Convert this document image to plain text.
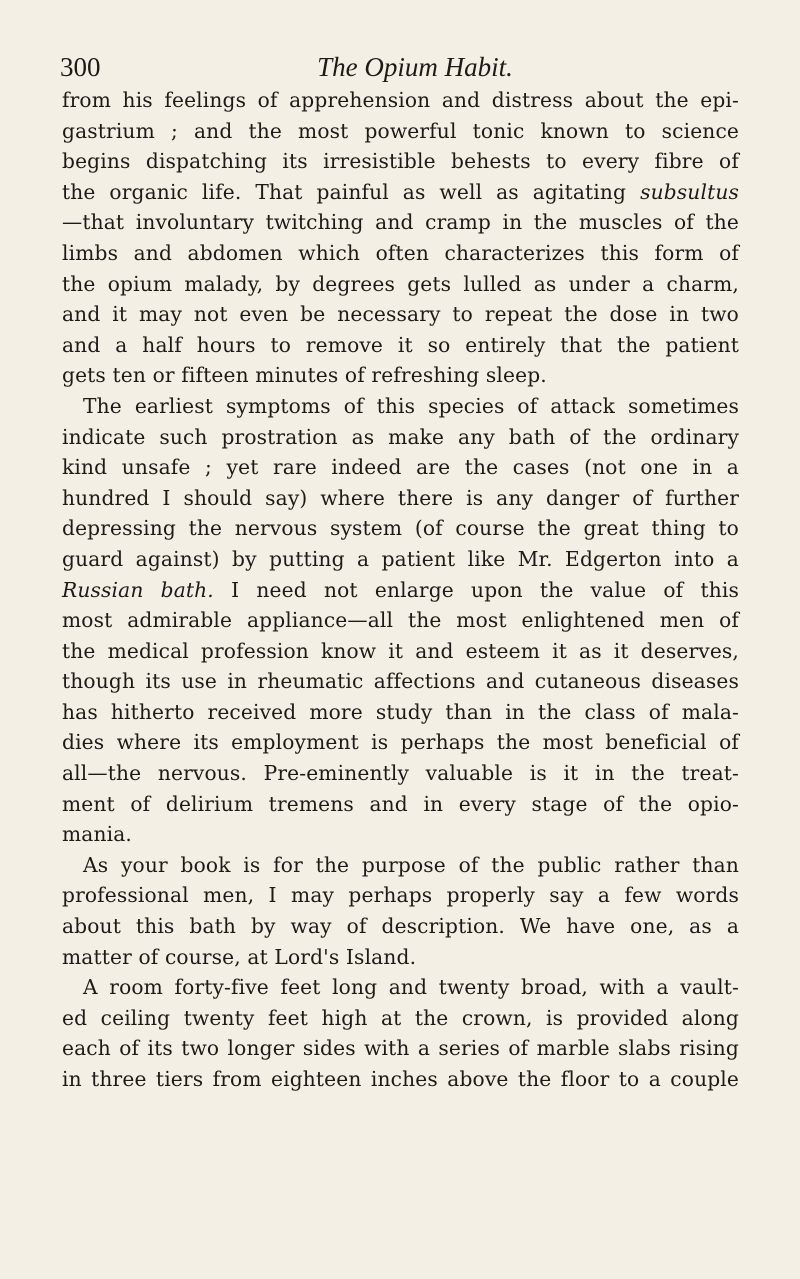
300	The Opium Habit.
from his feelings of apprehension and distress about the epi-
gastrium ; and the most powerful tonic known to science
begins dispatching its irresistible behests to every fibre of
the organic life. That painful as well as agitating subsultus
—that involuntary twitching and cramp in the muscles of the
limbs and abdomen which often characterizes this form of
the opium malady, by degrees gets lulled as under a charm,
and it may not even be necessary to repeat the dose in two
and a half hours to remove it so entirely that the patient
gets ten or fifteen minutes of refreshing sleep.
The earliest symptoms of this species of attack sometimes
indicate such prostration as make any bath of the ordinary
kind unsafe ; yet rare indeed are the cases (not one in a
hundred I should say) where there is any danger of further
depressing the nervous system (of course the great thing to
guard against) by putting a patient like Mr. Edgerton into a
Russian bath. I need not enlarge upon the value of this
most admirable appliance—all the most enlightened men of
the medical profession know it and esteem it as it deserves,
though its use in rheumatic affections and cutaneous diseases
has hitherto received more study than in the class of mala-
dies where its employment is perhaps the most beneficial of
all—the nervous. Pre-eminently valuable is it in the treat-
ment of delirium tremens and in every stage of the opio-
mania.
As your book is for the purpose of the public rather than
professional men, I may perhaps properly say a few words
about this bath by way of description. We have one, as a
matter of course, at Lord's Island.
A room forty-five feet long and twenty broad, with a vault-
ed ceiling twenty feet high at the crown, is provided along
each of its two longer sides with a series of marble slabs rising
in three tiers from eighteen inches above the floor to a couple
